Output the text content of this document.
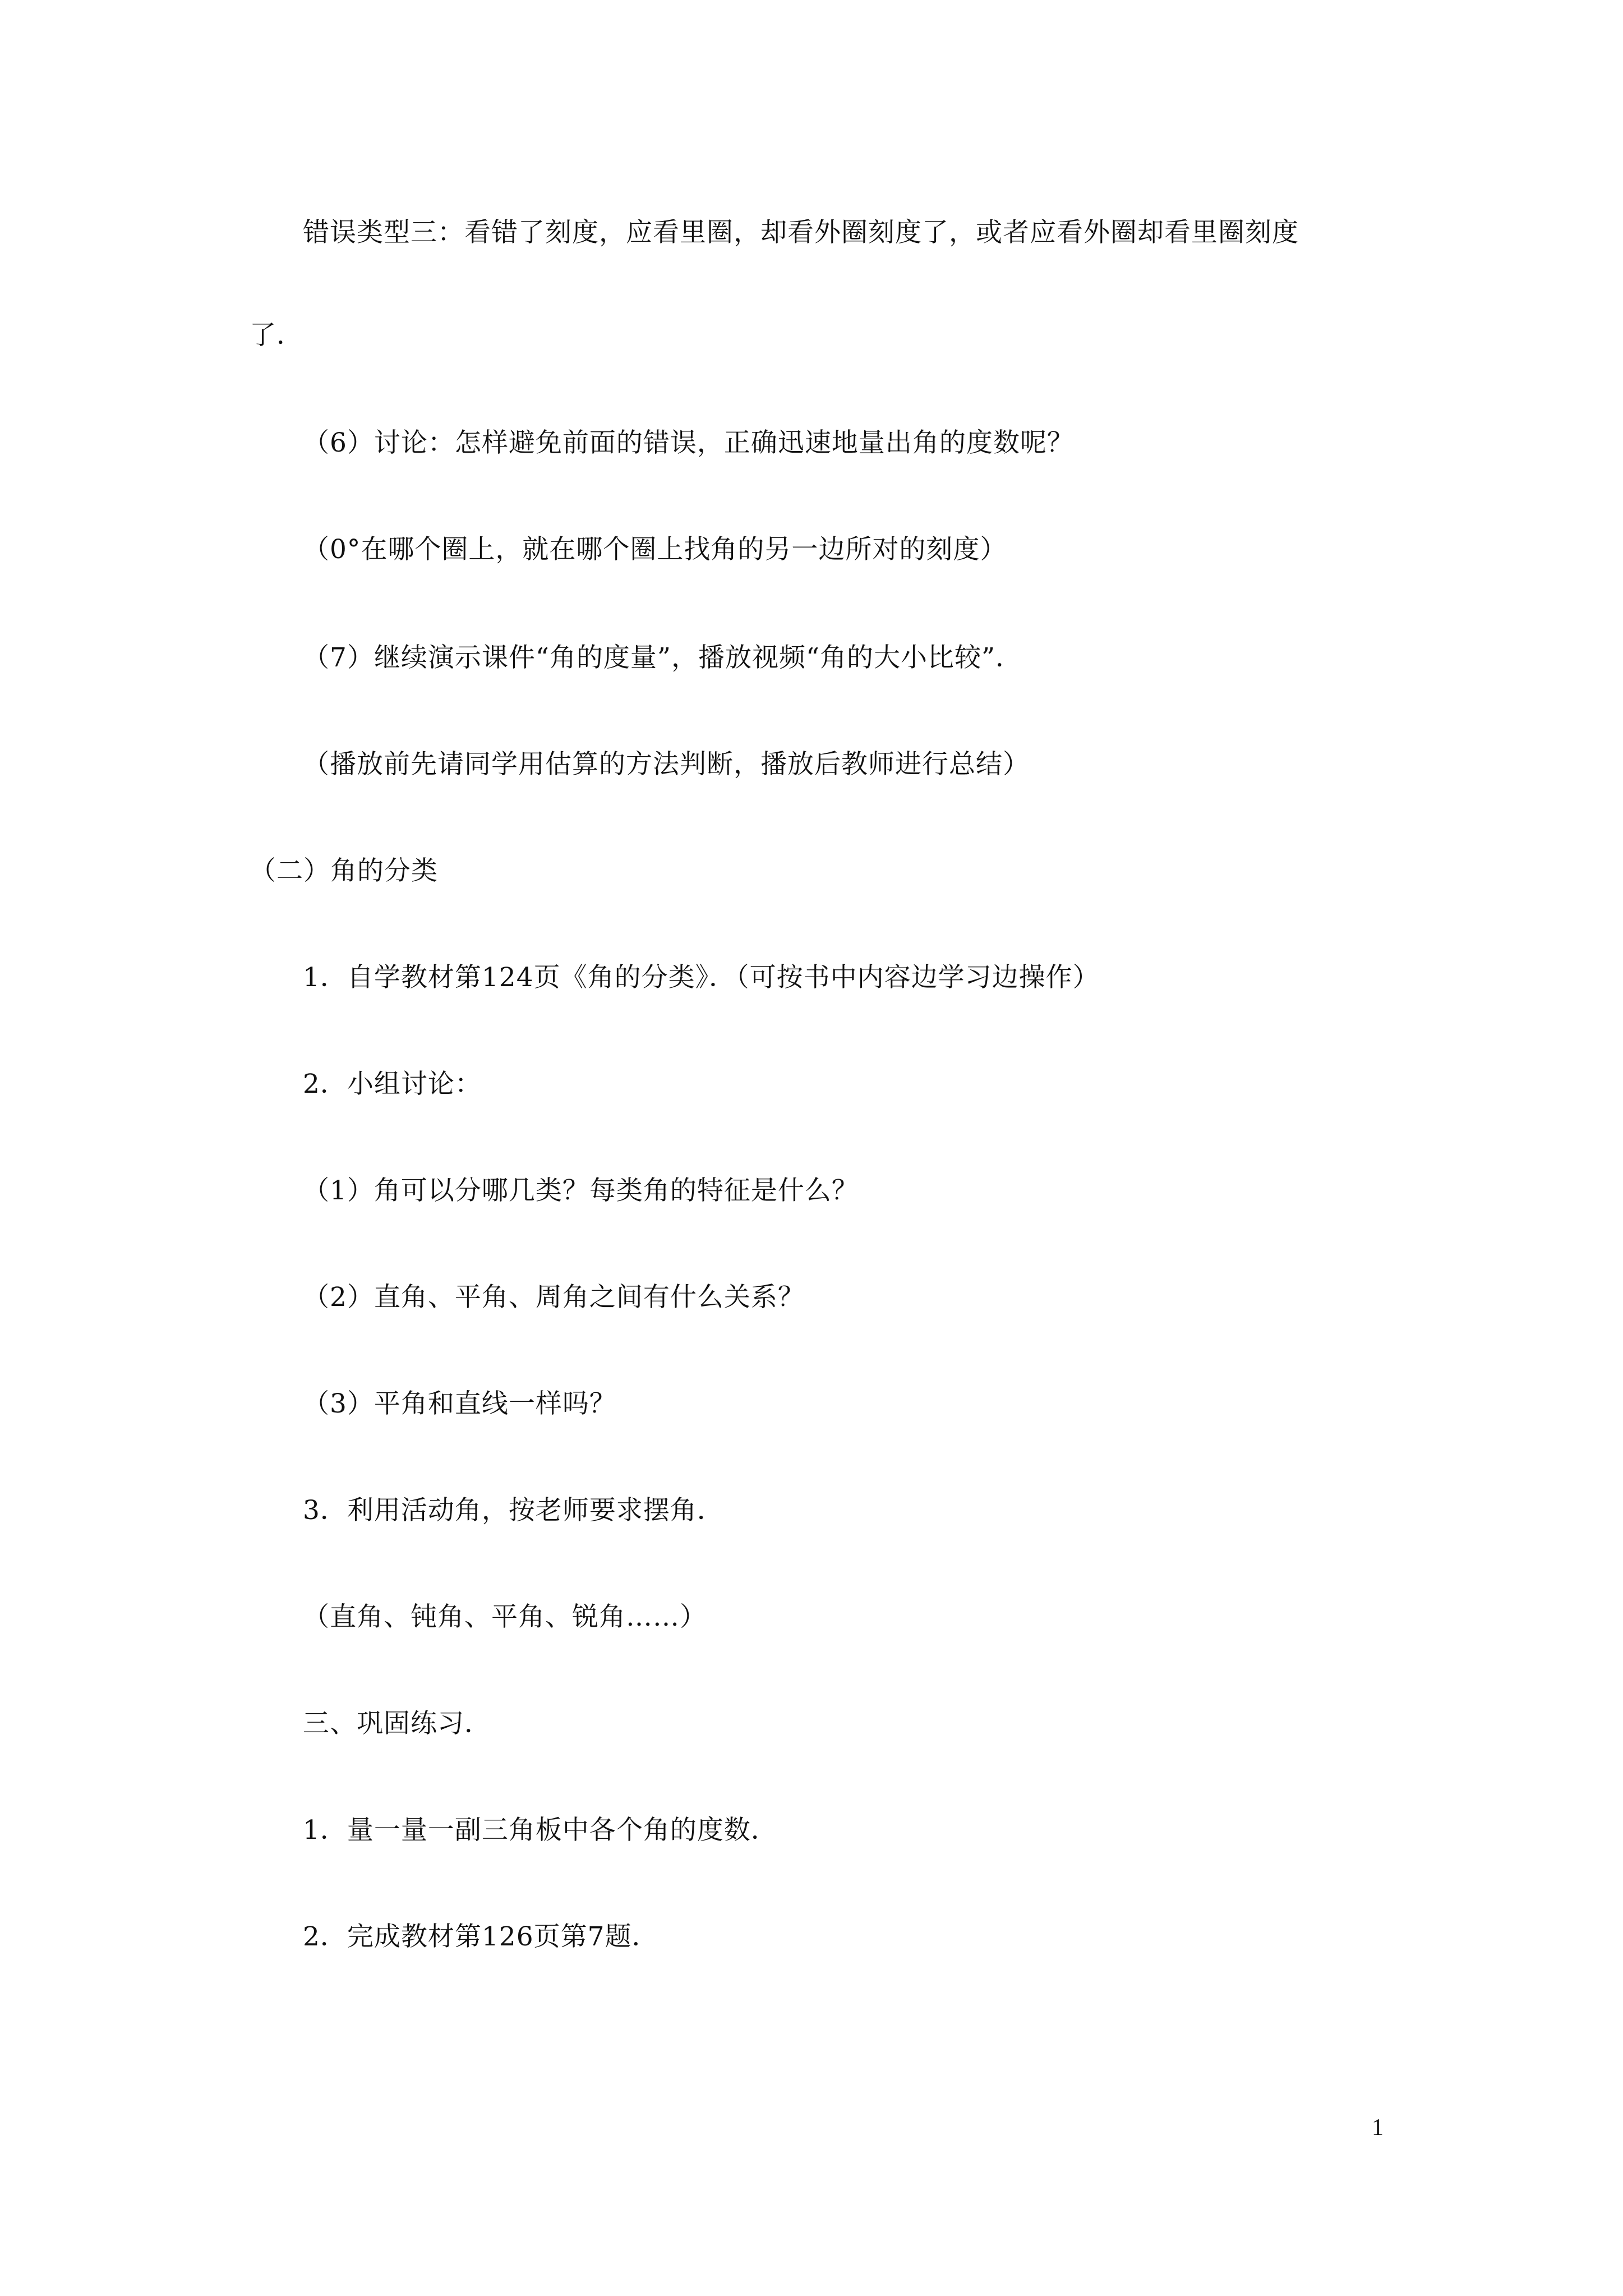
错误类型三：看错了刻度，应看里圈，却看外圈刻度了，或者应看外圈却看里圈刻度
了．
（6）讨论：怎样避免前面的错误，正确迅速地量出角的度数呢？
（0°在哪个圈上，就在哪个圈上找角的另一边所对的刻度）
（7）继续演示课件“角的度量”，播放视频“角的大小比较”．
（播放前先请同学用估算的方法判断，播放后教师进行总结）
（二）角的分类
1．自学教材第124页《角的分类》．（可按书中内容边学习边操作）
2．小组讨论：
（1）角可以分哪几类？每类角的特征是什么？
（2）直角、平角、周角之间有什么关系？
（3）平角和直线一样吗？
3．利用活动角，按老师要求摆角．
（直角、钝角、平角、锐角……）
三、巩固练习．
1．量一量一副三角板中各个角的度数．
2．完成教材第126页第7题．
1
